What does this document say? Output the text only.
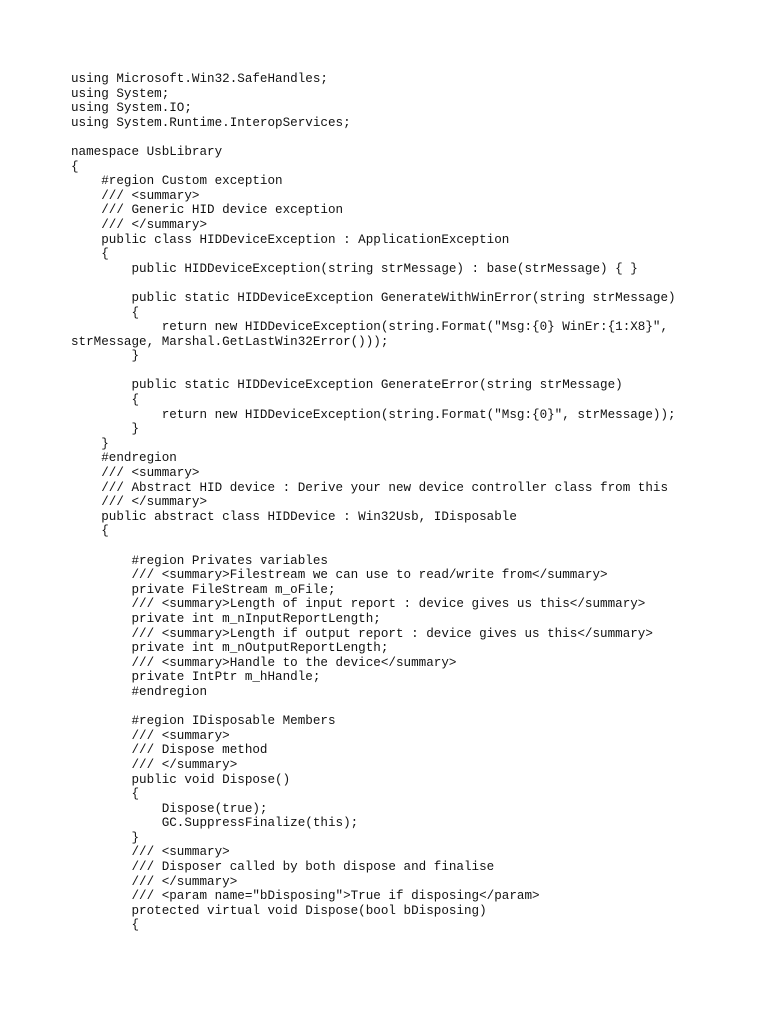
using Microsoft.Win32.SafeHandles;
using System;
using System.IO;
using System.Runtime.InteropServices;
namespace UsbLibrary
{
#region Custom exception
/// <summary>
/// Generic HID device exception
/// </summary>
public class HIDDeviceException : ApplicationException
{
public HIDDeviceException(string strMessage) : base(strMessage) { }
public static HIDDeviceException GenerateWithWinError(string strMessage)
{
return new HIDDeviceException(string.Format("Msg:{0} WinEr:{1:X8}",
strMessage, Marshal.GetLastWin32Error()));
}
public static HIDDeviceException GenerateError(string strMessage)
{
return new HIDDeviceException(string.Format("Msg:{0}", strMessage));
}
}
#endregion
/// <summary>
/// Abstract HID device : Derive your new device controller class from this
/// </summary>
public abstract class HIDDevice : Win32Usb, IDisposable
{
#region Privates variables
/// <summary>Filestream we can use to read/write from</summary>
private FileStream m_oFile;
/// <summary>Length of input report : device gives us this</summary>
private int m_nInputReportLength;
/// <summary>Length if output report : device gives us this</summary>
private int m_nOutputReportLength;
/// <summary>Handle to the device</summary>
private IntPtr m_hHandle;
#endregion
#region IDisposable Members
/// <summary>
/// Dispose method
/// </summary>
public void Dispose()
{
Dispose(true);
GC.SuppressFinalize(this);
}
/// <summary>
/// Disposer called by both dispose and finalise
/// </summary>
/// <param name="bDisposing">True if disposing</param>
protected virtual void Dispose(bool bDisposing)
{
